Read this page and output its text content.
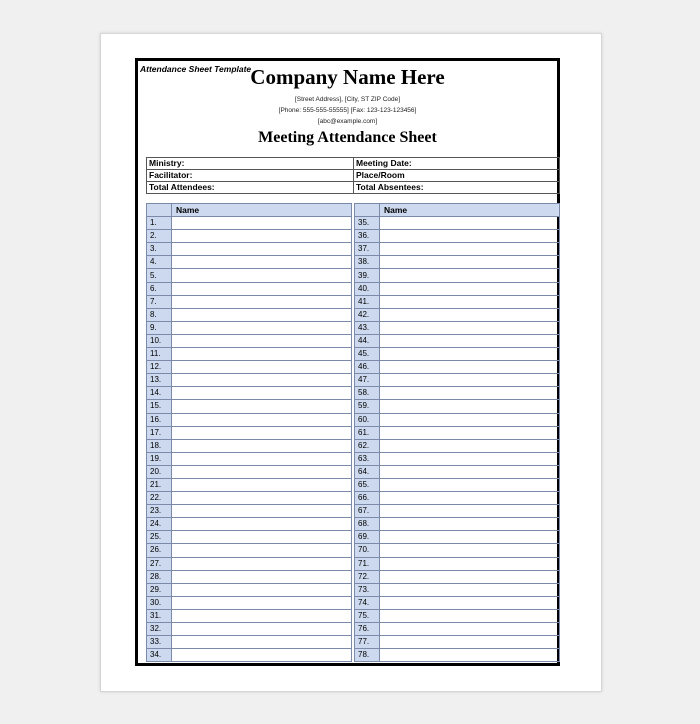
Attendance Sheet Template Company Name Here
[Street Address], [City, ST ZIP Code]
[Phone: 555-555-55555] [Fax: 123-123-123456]
[abc@example.com]
Meeting Attendance Sheet
Ministry:	Meeting Date:
Facilitator:	Place/Room
Total Attendees:	Total Absentees:
	Name			Name
1.			35.	
2.			36.	
3.			37.	
4.			38.	
5.			39.	
6.			40.	
7.			41.	
8.			42.	
9.			43.	
10.			44.	
11.			45.	
12.			46.	
13.			47.	
14.			58.	
15.			59.	
16.			60.	
17.			61.	
18.			62.	
19.			63.	
20.			64.	
21.			65.	
22.			66.	
23.			67.	
24.			68.	
25.			69.	
26.			70.	
27.			71.	
28.			72.	
29.			73.	
30.			74.	
31.			75.	
32.			76.	
33.			77.	
34.			78.	
